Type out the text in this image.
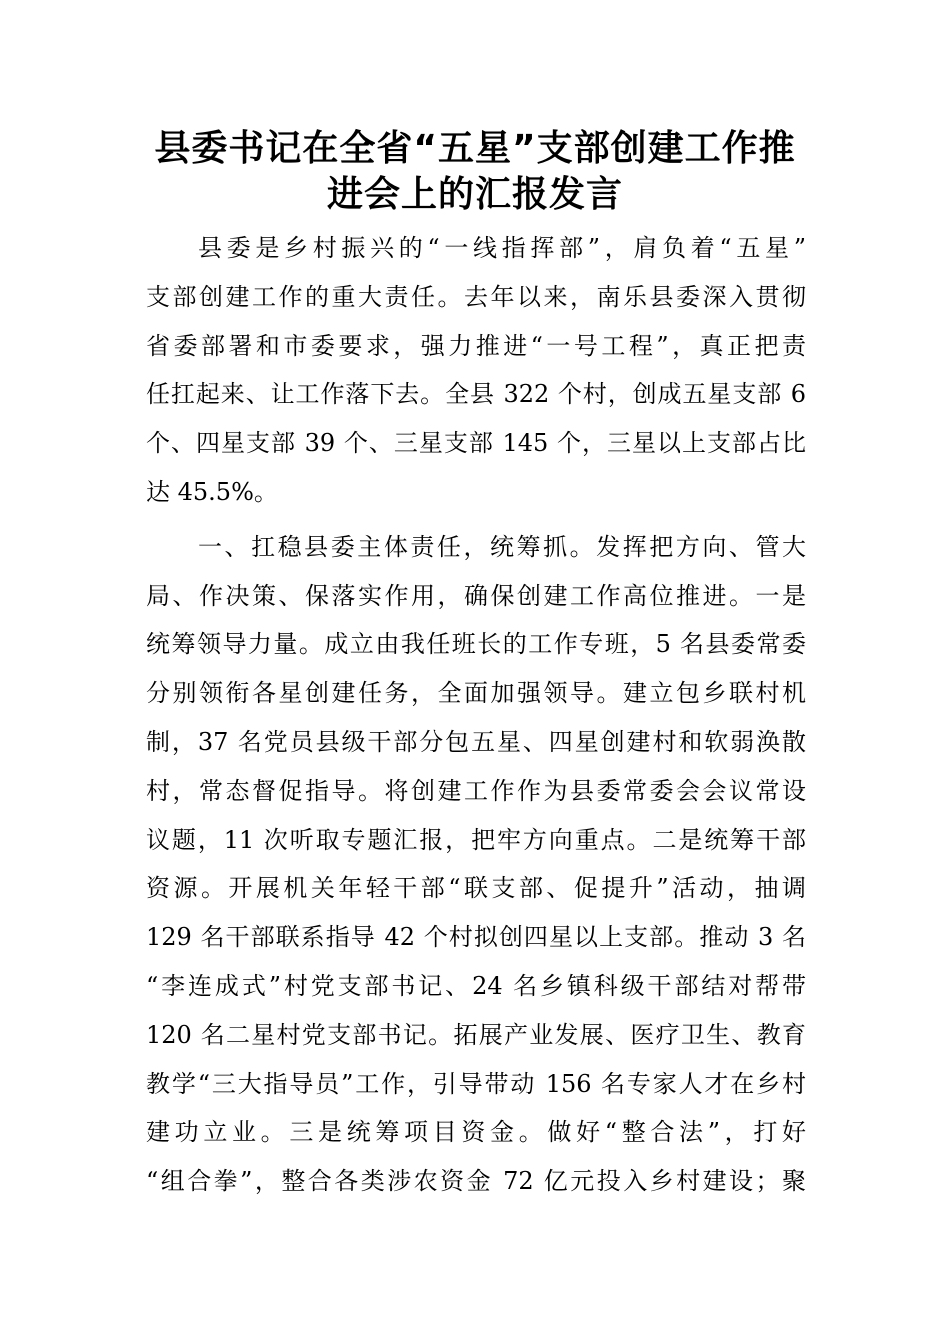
县委书记在全省“五星”支部创建工作推
进会上的汇报发言
县委是乡村振兴的“一线指挥部”，肩负着“五星”
支部创建工作的重大责任。去年以来，南乐县委深入贯彻
省委部署和市委要求，强力推进“一号工程”，真正把责
任扛起来、让工作落下去。全县 322 个村，创成五星支部 6
个、四星支部 39 个、三星支部 145 个，三星以上支部占比
达 45.5%。
一、扛稳县委主体责任，统筹抓。发挥把方向、管大
局、作决策、保落实作用，确保创建工作高位推进。一是
统筹领导力量。成立由我任班长的工作专班，5 名县委常委
分别领衔各星创建任务，全面加强领导。建立包乡联村机
制，37 名党员县级干部分包五星、四星创建村和软弱涣散
村，常态督促指导。将创建工作作为县委常委会会议常设
议题，11 次听取专题汇报，把牢方向重点。二是统筹干部
资源。开展机关年轻干部“联支部、促提升”活动，抽调
129 名干部联系指导 42 个村拟创四星以上支部。推动 3 名
“李连成式”村党支部书记、24 名乡镇科级干部结对帮带
120 名二星村党支部书记。拓展产业发展、医疗卫生、教育
教学“三大指导员”工作，引导带动 156 名专家人才在乡村
建功立业。三是统筹项目资金。做好“整合法”，打好
“组合拳”，整合各类涉农资金 72 亿元投入乡村建设；聚
